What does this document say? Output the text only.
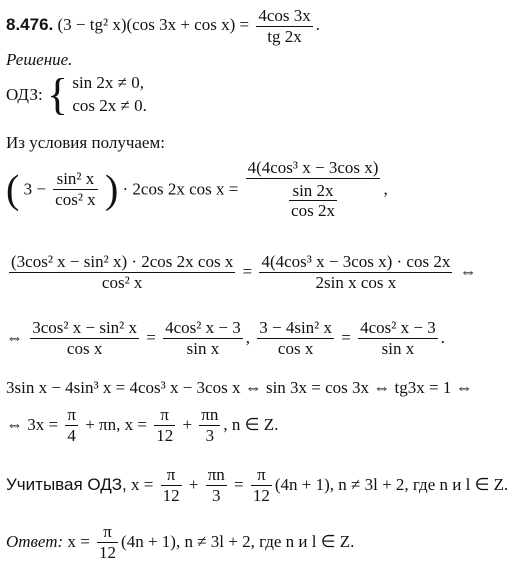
8.476. (3 − tg² x)(cos $3x + \cos x) = \frac{4\cos 3x}{tg 2x}$ .
Решение.
ОДЗ: { sin 2x ≠ 0,
cos 2x ≠ 0.
Из условия получаем:
( $3 - \frac{\text{sin² x}}{\text{cos² x}}$ ) · 2cos 2x $\cos x = \frac{\text{4(4cos³ x − 3cos x)}}{\frac{\sin 2x}{\cos 2x}}$ ,
$\frac{\text{(3cos² x − sin² x) · 2cos 2x cos x}}{\text{cos² x}} = \frac{\text{4(4cos³ x − 3cos x) · cos 2x}}{\text{2sin x cos x}}$ ⇔
⇔ $\frac{\text{3cos² x − sin² x}}{\text{cos x}} = \frac{\text{4cos² x − 3}}{\text{sin x}}$ , $\frac{\text{3 − 4sin² x}}{\text{cos x}} = \frac{\text{4cos² x − 3}}{\text{sin x}}$ .
3sin x − 4sin³ x = 4cos³ x − 3cos x ⇔ sin 3x = cos 3x ⇔ tg3x = 1 ⇔
⇔ $3x = \frac{\pi}{4} + \pi n$, $x = \frac{\pi}{12} + \frac{\pi n}{3}$ , n ∈ Z.
Учитывая ОДЗ, $x = \frac{\pi}{12} + \frac{\pi n}{3} = \frac{\pi}{12} (4n + 1)$, n ≠ 3l + 2, где n и l ∈ Z.
Ответ: $x = \frac{\pi}{12} (4n + 1)$, n ≠ 3l + 2, где n и l ∈ Z.
